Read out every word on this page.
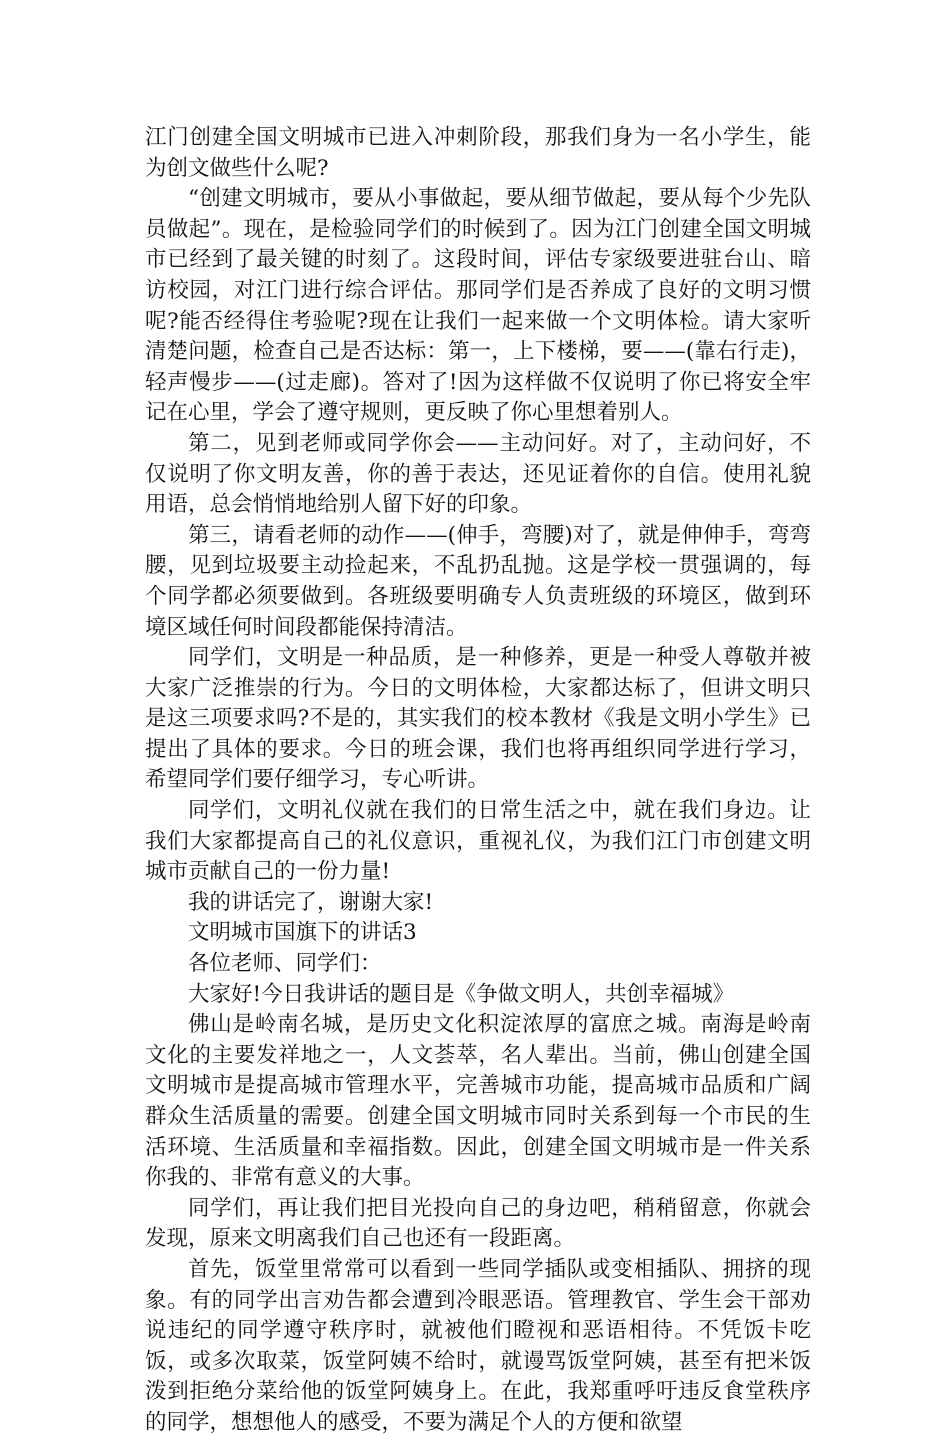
江门创建全国文明城市已进入冲刺阶段，那我们身为一名小学生，能为创文做些什么呢?

“创建文明城市，要从小事做起，要从细节做起，要从每个少先队员做起”。现在，是检验同学们的时候到了。因为江门创建全国文明城市已经到了最关键的时刻了。这段时间，评估专家级要进驻台山、暗访校园，对江门进行综合评估。那同学们是否养成了良好的文明习惯呢?能否经得住考验呢?现在让我们一起来做一个文明体检。请大家听清楚问题，检查自己是否达标：第一，上下楼梯，要——(靠右行走)，轻声慢步——(过走廊)。答对了!因为这样做不仅说明了你已将安全牢记在心里，学会了遵守规则，更反映了你心里想着别人。

第二，见到老师或同学你会——主动问好。对了，主动问好，不仅说明了你文明友善，你的善于表达，还见证着你的自信。使用礼貌用语，总会悄悄地给别人留下好的印象。

第三，请看老师的动作——(伸手，弯腰)对了，就是伸伸手，弯弯腰，见到垃圾要主动捡起来，不乱扔乱抛。这是学校一贯强调的，每个同学都必须要做到。各班级要明确专人负责班级的环境区，做到环境区域任何时间段都能保持清洁。

同学们，文明是一种品质，是一种修养，更是一种受人尊敬并被大家广泛推崇的行为。今日的文明体检，大家都达标了，但讲文明只是这三项要求吗?不是的，其实我们的校本教材《我是文明小学生》已提出了具体的要求。今日的班会课，我们也将再组织同学进行学习，希望同学们要仔细学习，专心听讲。

同学们，文明礼仪就在我们的日常生活之中，就在我们身边。让我们大家都提高自己的礼仪意识，重视礼仪，为我们江门市创建文明城市贡献自己的一份力量!

我的讲话完了，谢谢大家!

文明城市国旗下的讲话3

各位老师、同学们：

大家好!今日我讲话的题目是《争做文明人，共创幸福城》

佛山是岭南名城，是历史文化积淀浓厚的富庶之城。南海是岭南文化的主要发祥地之一，人文荟萃，名人辈出。当前，佛山创建全国文明城市是提高城市管理水平，完善城市功能，提高城市品质和广阔群众生活质量的需要。创建全国文明城市同时关系到每一个市民的生活环境、生活质量和幸福指数。因此，创建全国文明城市是一件关系你我的、非常有意义的大事。

同学们，再让我们把目光投向自己的身边吧，稍稍留意，你就会发现，原来文明离我们自己也还有一段距离。

首先，饭堂里常常可以看到一些同学插队或变相插队、拥挤的现象。有的同学出言劝告都会遭到冷眼恶语。管理教官、学生会干部劝说违纪的同学遵守秩序时，就被他们瞪视和恶语相待。不凭饭卡吃饭，或多次取菜，饭堂阿姨不给时，就谩骂饭堂阿姨，甚至有把米饭泼到拒绝分菜给他的饭堂阿姨身上。在此，我郑重呼吁违反食堂秩序的同学，想想他人的感受，不要为满足个人的方便和欲望
